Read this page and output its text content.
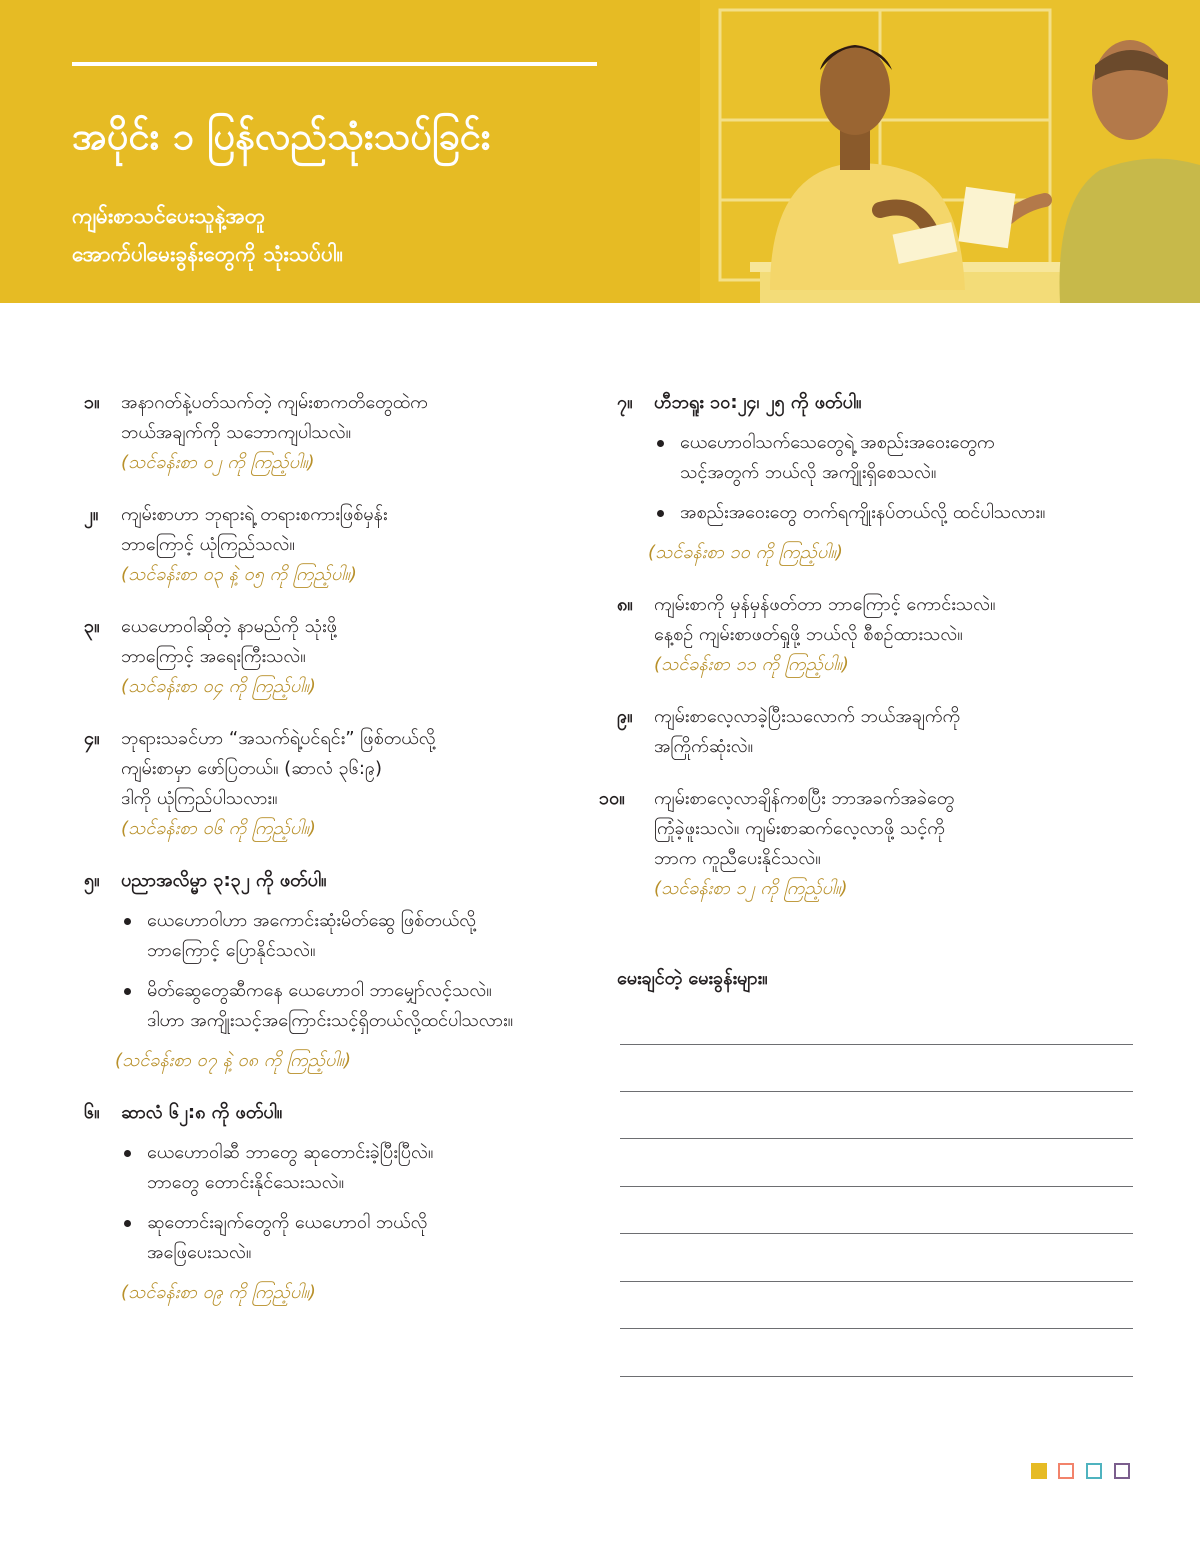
အပိုင်း ၁ ပြန်လည်သုံးသပ်ခြင်း
ကျမ်းစာသင်ပေးသူနဲ့အတူ
အောက်ပါမေးခွန်းတွေကို သုံးသပ်ပါ။
၁။ အနာဂတ်နဲ့ပတ်သက်တဲ့ ကျမ်းစာကတိတွေထဲက
ဘယ်အချက်ကို သဘောကျပါသလဲ။
(သင်ခန်းစာ ၀၂ ကို ကြည့်ပါ။)
၂။ ကျမ်းစာဟာ ဘုရားရဲ့ တရားစကားဖြစ်မှန်း
ဘာကြောင့် ယုံကြည်သလဲ။
(သင်ခန်းစာ ၀၃ နဲ့ ၀၅ ကို ကြည့်ပါ။)
၃။ ယေဟောဝါဆိုတဲ့ နာမည်ကို သုံးဖို့
ဘာကြောင့် အရေးကြီးသလဲ။
(သင်ခန်းစာ ၀၄ ကို ကြည့်ပါ။)
၄။ ဘုရားသခင်ဟာ “အသက်ရဲ့ပင်ရင်း” ဖြစ်တယ်လို့
ကျမ်းစာမှာ ဖော်ပြတယ်။ (ဆာလံ ၃၆:၉)
ဒါကို ယုံကြည်ပါသလား။
(သင်ခန်းစာ ၀၆ ကို ကြည့်ပါ။)
၅။ ပညာအလိမ္မာ ၃:၃၂ ကို ဖတ်ပါ။
ယေဟောဝါဟာ အကောင်းဆုံးမိတ်ဆွေ ဖြစ်တယ်လို့
ဘာကြောင့် ပြောနိုင်သလဲ။
မိတ်ဆွေတွေဆီကနေ ယေဟောဝါ ဘာမျှော်လင့်သလဲ။
ဒါဟာ အကျိုးသင့်အကြောင်းသင့်ရှိတယ်လို့ထင်ပါသလား။
(သင်ခန်းစာ ၀၇ နဲ့ ၀၈ ကို ကြည့်ပါ။)
၆။ ဆာလံ ၆၂:၈ ကို ဖတ်ပါ။
ယေဟောဝါဆီ ဘာတွေ ဆုတောင်းခဲ့ပြီးပြီလဲ။
ဘာတွေ တောင်းနိုင်သေးသလဲ။
ဆုတောင်းချက်တွေကို ယေဟောဝါ ဘယ်လို
အဖြေပေးသလဲ။
(သင်ခန်းစာ ၀၉ ကို ကြည့်ပါ။)
၇။ ဟီဘရူး ၁၀:၂၄၊ ၂၅ ကို ဖတ်ပါ။
ယေဟောဝါသက်သေတွေရဲ့ အစည်းအဝေးတွေက
သင့်အတွက် ဘယ်လို အကျိုးရှိစေသလဲ။
အစည်းအဝေးတွေ တက်ရကျိုးနပ်တယ်လို့ ထင်ပါသလား။
(သင်ခန်းစာ ၁၀ ကို ကြည့်ပါ။)
၈။ ကျမ်းစာကို မှန်မှန်ဖတ်တာ ဘာကြောင့် ကောင်းသလဲ။
နေ့စဉ် ကျမ်းစာဖတ်ရှုဖို့ ဘယ်လို စီစဉ်ထားသလဲ။
(သင်ခန်းစာ ၁၁ ကို ကြည့်ပါ။)
၉။ ကျမ်းစာလေ့လာခဲ့ပြီးသလောက် ဘယ်အချက်ကို
အကြိုက်ဆုံးလဲ။
၁၀။ ကျမ်းစာလေ့လာချိန်ကစပြီး ဘာအခက်အခဲတွေ
ကြုံခဲ့ဖူးသလဲ။ ကျမ်းစာဆက်လေ့လာဖို့ သင့်ကို
ဘာက ကူညီပေးနိုင်သလဲ။
(သင်ခန်းစာ ၁၂ ကို ကြည့်ပါ။)
မေးချင်တဲ့ မေးခွန်းများ။
